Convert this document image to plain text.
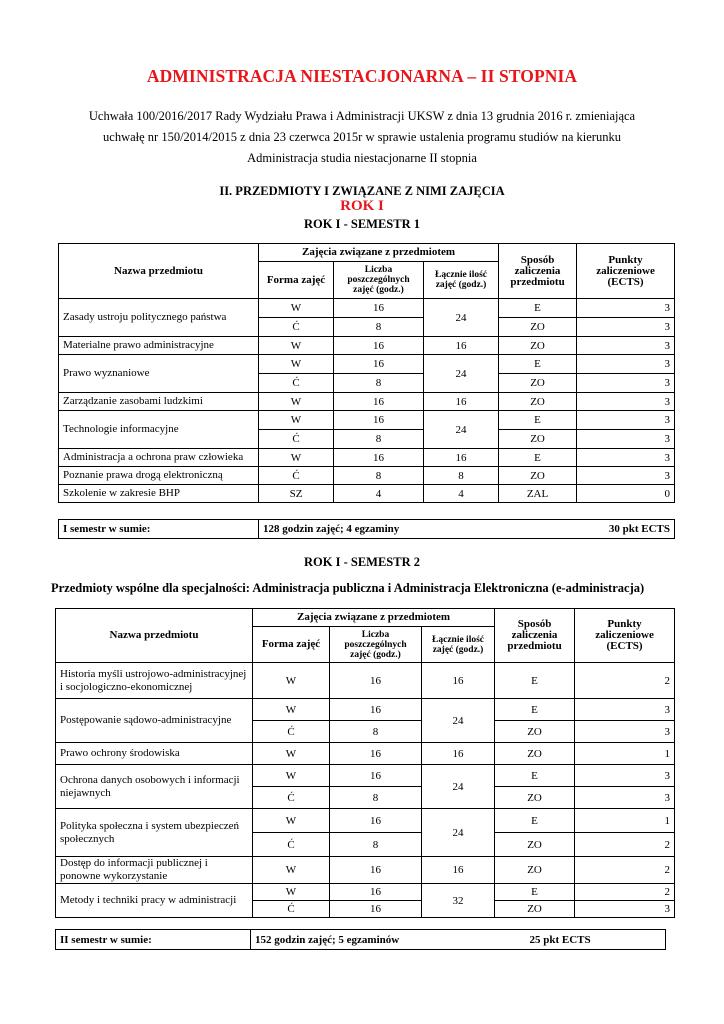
ADMINISTRACJA NIESTACJONARNA – II STOPNIA
Uchwała 100/2016/2017 Rady Wydziału Prawa i Administracji UKSW z dnia 13 grudnia 2016 r. zmieniająca
uchwałę nr 150/2014/2015 z dnia 23 czerwca 2015r w sprawie ustalenia programu studiów na kierunku
Administracja studia niestacjonarne II stopnia
II. PRZEDMIOTY I ZWIĄZANE Z NIMI ZAJĘCIA
ROK I
ROK I - SEMESTR 1
Nazwa przedmiotu	Zajęcia związane z przedmiotem			Sposób zaliczenia przedmiotu	Punkty zaliczeniowe (ECTS)
	Forma zajęć	Liczba poszczególnych zajęć (godz.)	Łącznie ilość zajęć (godz.)		
Zasady ustroju politycznego państwa	W	16	24	E	3
	Ć	8		ZO	3
Materialne prawo administracyjne	W	16	16	ZO	3
Prawo wyznaniowe	W	16	24	E	3
	Ć	8		ZO	3
Zarządzanie zasobami ludzkimi	W	16	16	ZO	3
Technologie informacyjne	W	16	24	E	3
	Ć	8		ZO	3
Administracja a ochrona praw człowieka	W	16	16	E	3
Poznanie prawa drogą elektroniczną	Ć	8	8	ZO	3
Szkolenie w zakresie BHP	SZ	4	4	ZAL	0
I semestr w sumie:	128 godzin zajęć; 4 egzaminy	30 pkt ECTS
ROK I - SEMESTR 2
Przedmioty wspólne dla specjalności: Administracja publiczna i Administracja Elektroniczna (e-administracja)
Nazwa przedmiotu	Zajęcia związane z przedmiotem			Sposób zaliczenia przedmiotu	Punkty zaliczeniowe (ECTS)
	Forma zajęć	Liczba poszczególnych zajęć (godz.)	Łącznie ilość zajęć (godz.)		
Historia myśli ustrojowo-administracyjnej i socjologiczno-ekonomicznej	W	16	16	E	2
Postępowanie sądowo-administracyjne	W	16	24	E	3
	Ć	8		ZO	3
Prawo ochrony środowiska	W	16	16	ZO	1
Ochrona danych osobowych i informacji niejawnych	W	16	24	E	3
	Ć	8		ZO	3
Polityka społeczna i system ubezpieczeń społecznych	W	16	24	E	1
	Ć	8		ZO	2
Dostęp do informacji publicznej i ponowne wykorzystanie	W	16	16	ZO	2
Metody i techniki pracy w administracji	W	16	32	E	2
	Ć	16		ZO	3
II semestr w sumie:	152 godzin zajęć; 5 egzaminów	25 pkt ECTS
